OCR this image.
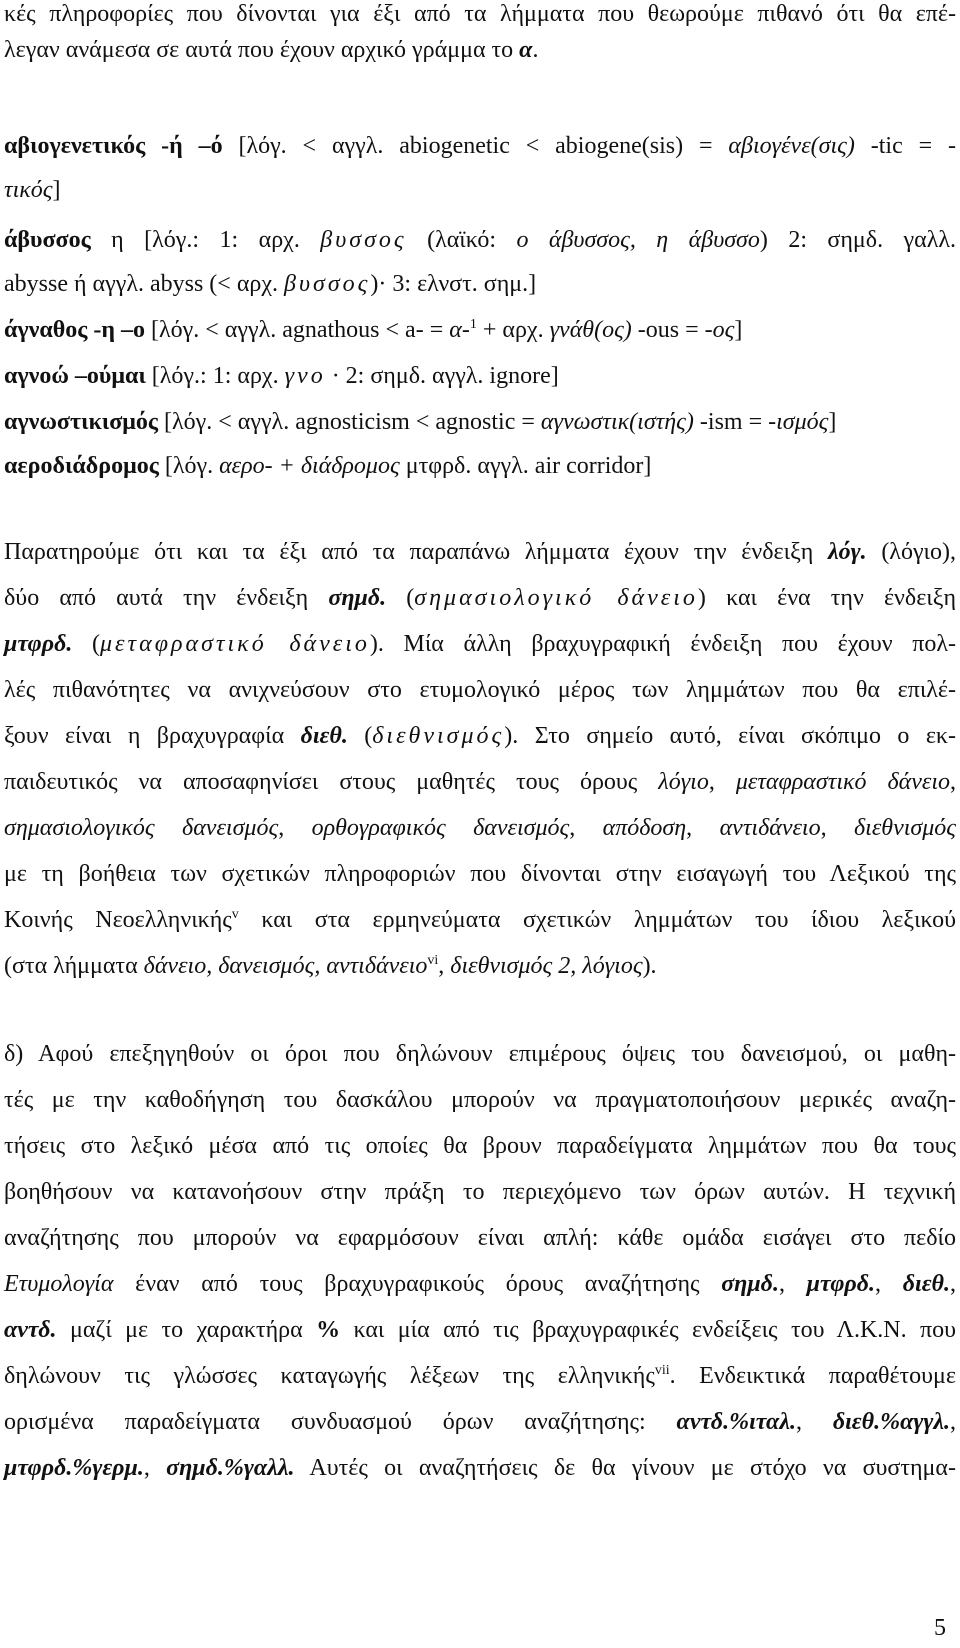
κές πληροφορίες που δίνονται για έξι από τα λήμματα που θεωρούμε πιθανό ότι θα επέ-
λεγαν ανάμεσα σε αυτά που έχουν αρχικό γράμμα το α.
αβιογενετικός -ή –ό [λόγ. < αγγλ. abiogenetic < abiogene(sis) = αβιογένε(σις) -tic = -
τικός]
άβυσσος η [λόγ.: 1: αρχ. βυσσος (λαϊκό: ο άβυσσος, η άβυσσο) 2: σημδ. γαλλ.
abysse ή αγγλ. abyss (< αρχ. βυσσος)· 3: ελνστ. σημ.]
άγναθος -η –ο [λόγ. < αγγλ. agnathous < a- = α-$^1$ + αρχ. γνάθ(ος) -ous = -ος]
αγνοώ –ούμαι [λόγ.: 1: αρχ. γνο · 2: σημδ. αγγλ. ignore]
αγνωστικισμός [λόγ. < αγγλ. agnosticism < agnostic = αγνωστικ(ιστής) -ism = -ισμός]
αεροδιάδρομος [λόγ. αερο- + διάδρομος μτφρδ. αγγλ. air corridor]
Παρατηρούμε ότι και τα έξι από τα παραπάνω λήμματα έχουν την ένδειξη λόγ. (λόγιο),
δύο από αυτά την ένδειξη σημδ. (σημασιολογικό δάνειο) και ένα την ένδειξη
μτφρδ. (μεταφραστικό δάνειο). Μία άλλη βραχυγραφική ένδειξη που έχουν πολ-
λές πιθανότητες να ανιχνεύσουν στο ετυμολογικό μέρος των λημμάτων που θα επιλέ-
ξουν είναι η βραχυγραφία διεθ. (διεθνισμός). Στο σημείο αυτό, είναι σκόπιμο ο εκ-
παιδευτικός να αποσαφηνίσει στους μαθητές τους όρους λόγιο, μεταφραστικό δάνειο,
σημασιολογικός δανεισμός, ορθογραφικός δανεισμός, απόδοση, αντιδάνειο, διεθνισμός
με τη βοήθεια των σχετικών πληροφοριών που δίνονται στην εισαγωγή του Λεξικού της
Κοινής Νεοελληνικής$^v$ και στα ερμηνεύματα σχετικών λημμάτων του ίδιου λεξικού
(στα λήμματα δάνειο, δανεισμός, αντιδάνειο$^{vi}$, διεθνισμός 2, λόγιος).
δ) Αφού επεξηγηθούν οι όροι που δηλώνουν επιμέρους όψεις του δανεισμού, οι μαθη-
τές με την καθοδήγηση του δασκάλου μπορούν να πραγματοποιήσουν μερικές αναζη-
τήσεις στο λεξικό μέσα από τις οποίες θα βρουν παραδείγματα λημμάτων που θα τους
βοηθήσουν να κατανοήσουν στην πράξη το περιεχόμενο των όρων αυτών. Η τεχνική
αναζήτησης που μπορούν να εφαρμόσουν είναι απλή: κάθε ομάδα εισάγει στο πεδίο
Ετυμολογία έναν από τους βραχυγραφικούς όρους αναζήτησης σημδ., μτφρδ., διεθ.,
αντδ. μαζί με το χαρακτήρα % και μία από τις βραχυγραφικές ενδείξεις του Λ.Κ.Ν. που
δηλώνουν τις γλώσσες καταγωγής λέξεων της ελληνικής$^{vii}$. Ενδεικτικά παραθέτουμε
ορισμένα παραδείγματα συνδυασμού όρων αναζήτησης: αντδ.%ιταλ., διεθ.%αγγλ.,
μτφρδ.%γερμ., σημδ.%γαλλ. Αυτές οι αναζητήσεις δε θα γίνουν με στόχο να συστημα-
5
